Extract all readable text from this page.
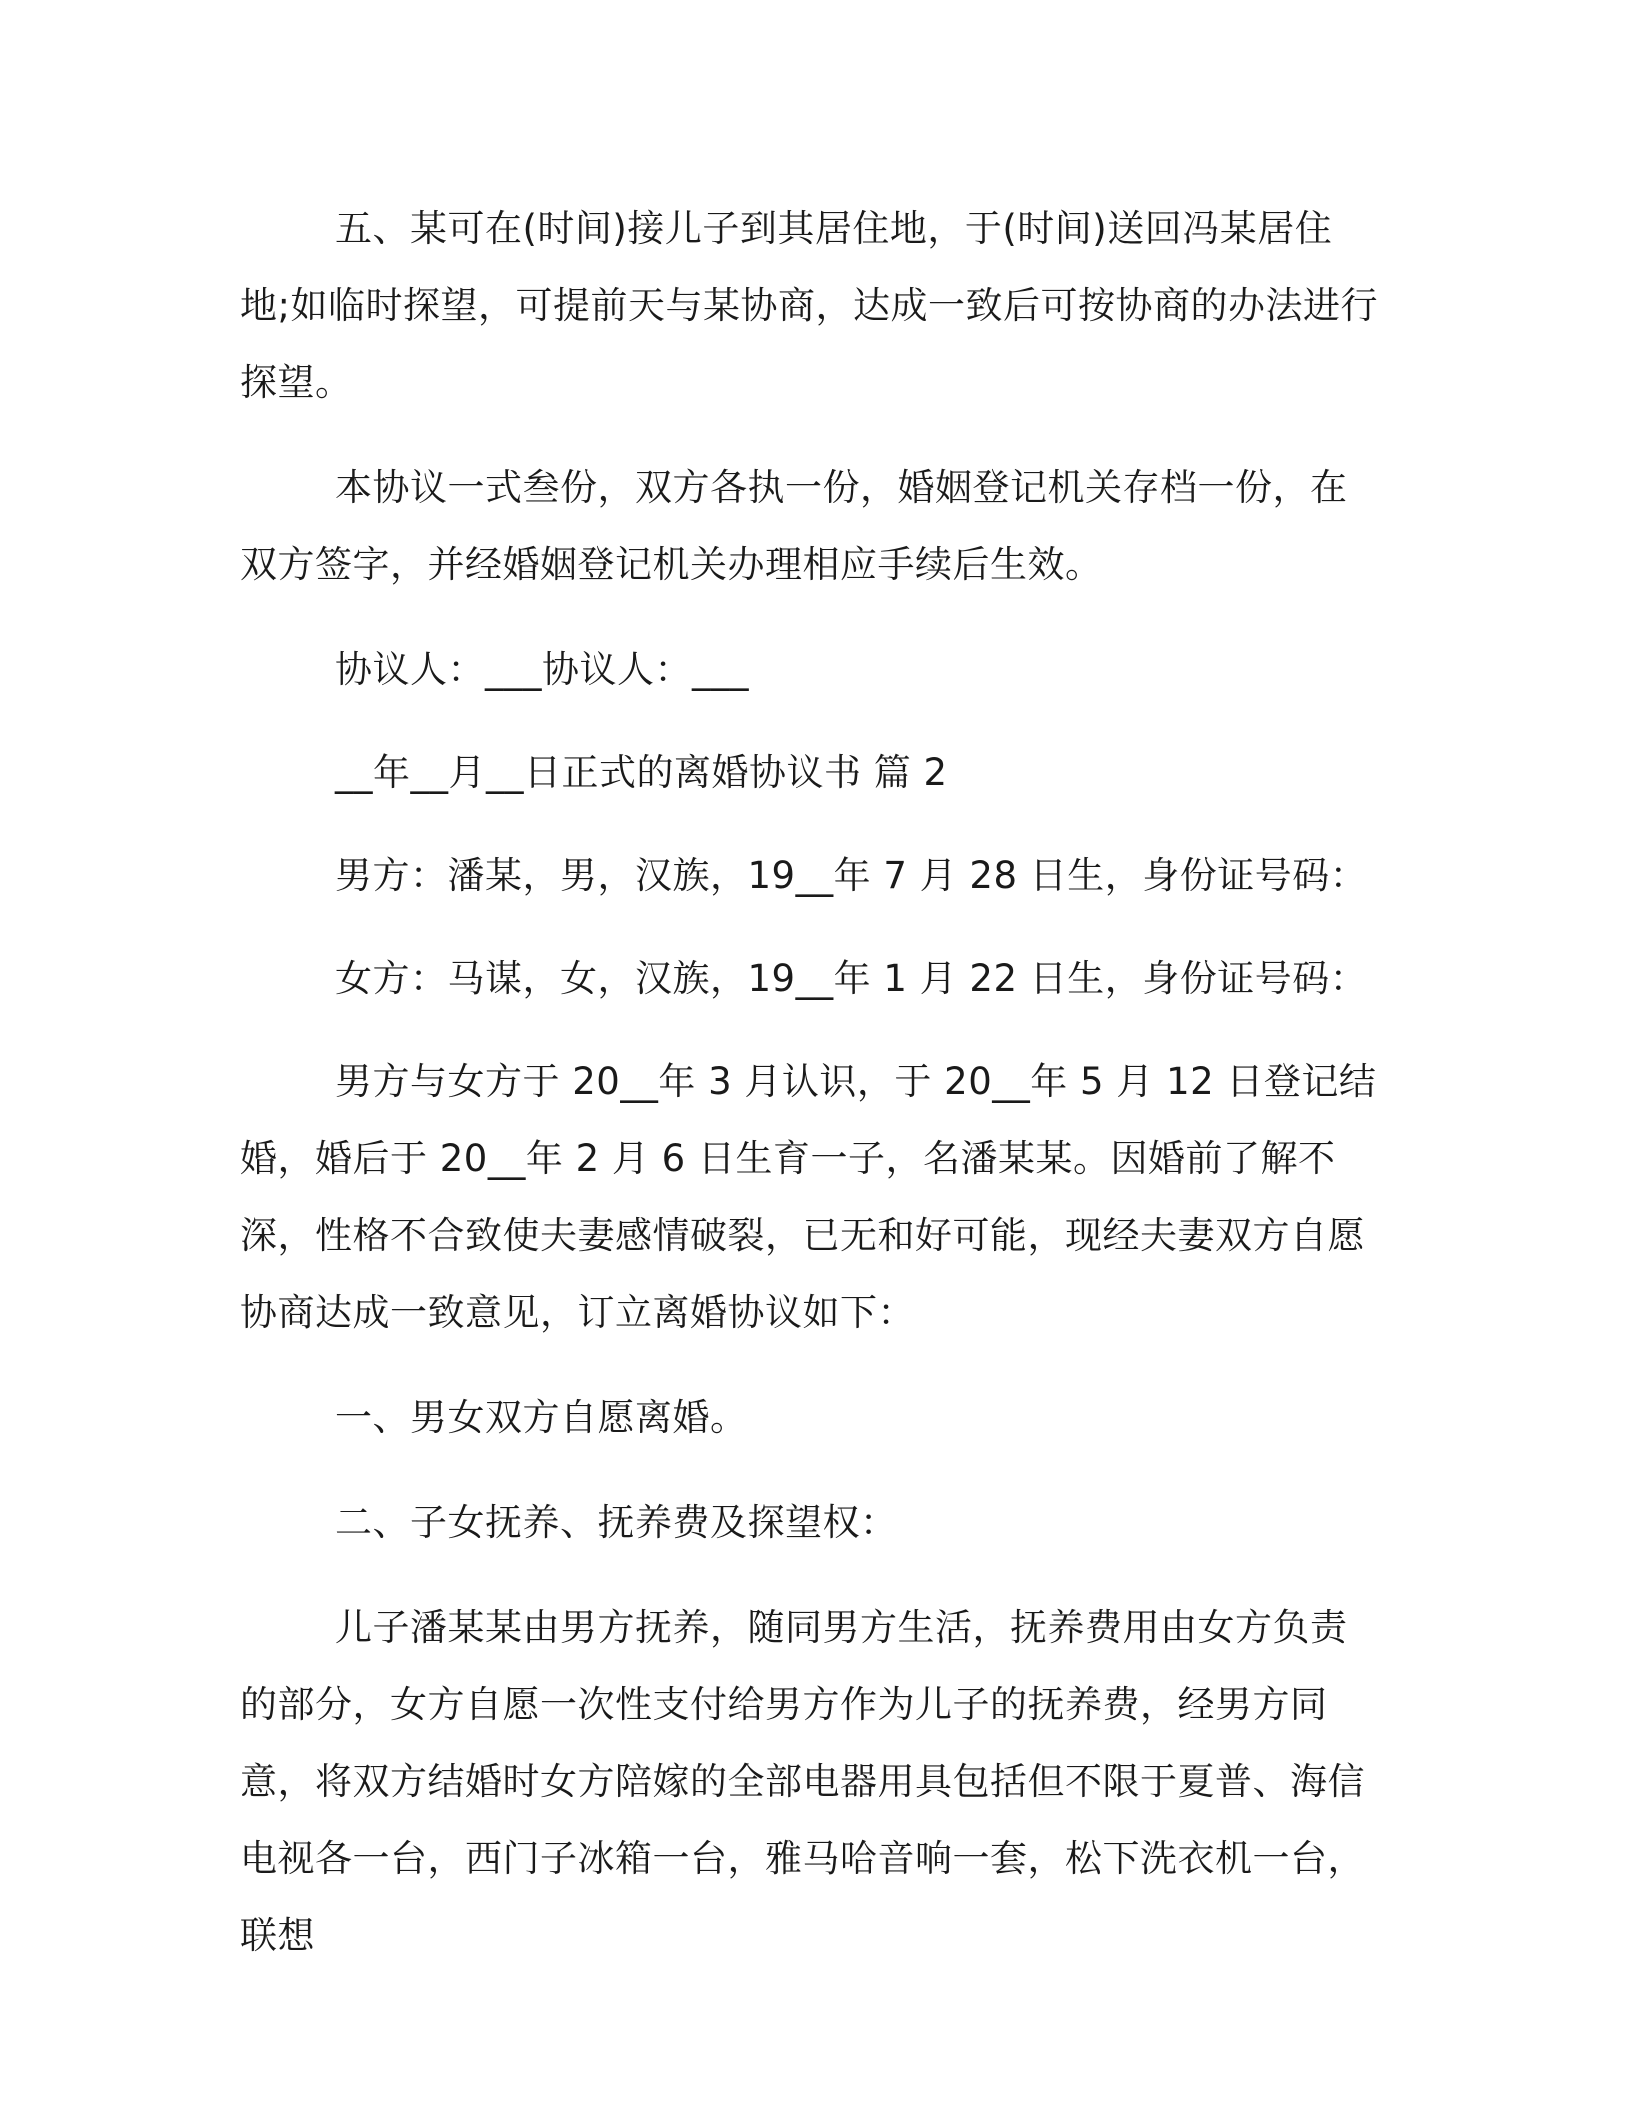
五、某可在(时间)接儿子到其居住地，于(时间)送回冯某居住地;如临时探望，可提前天与某协商，达成一致后可按协商的办法进行探望。

本协议一式叁份，双方各执一份，婚姻登记机关存档一份，在双方签字，并经婚姻登记机关办理相应手续后生效。

协议人：___协议人：___

__年__月__日正式的离婚协议书 篇 2

男方：潘某，男，汉族，19__年 7 月 28 日生，身份证号码：

女方：马谋，女，汉族，19__年 1 月 22 日生，身份证号码：

男方与女方于 20__年 3 月认识，于 20__年 5 月 12 日登记结婚，婚后于 20__年 2 月 6 日生育一子，名潘某某。因婚前了解不深，性格不合致使夫妻感情破裂，已无和好可能，现经夫妻双方自愿协商达成一致意见，订立离婚协议如下：

一、男女双方自愿离婚。

二、子女抚养、抚养费及探望权：

儿子潘某某由男方抚养，随同男方生活，抚养费用由女方负责的部分，女方自愿一次性支付给男方作为儿子的抚养费，经男方同意，将双方结婚时女方陪嫁的全部电器用具包括但不限于夏普、海信电视各一台，西门子冰箱一台，雅马哈音响一套，松下洗衣机一台，联想
